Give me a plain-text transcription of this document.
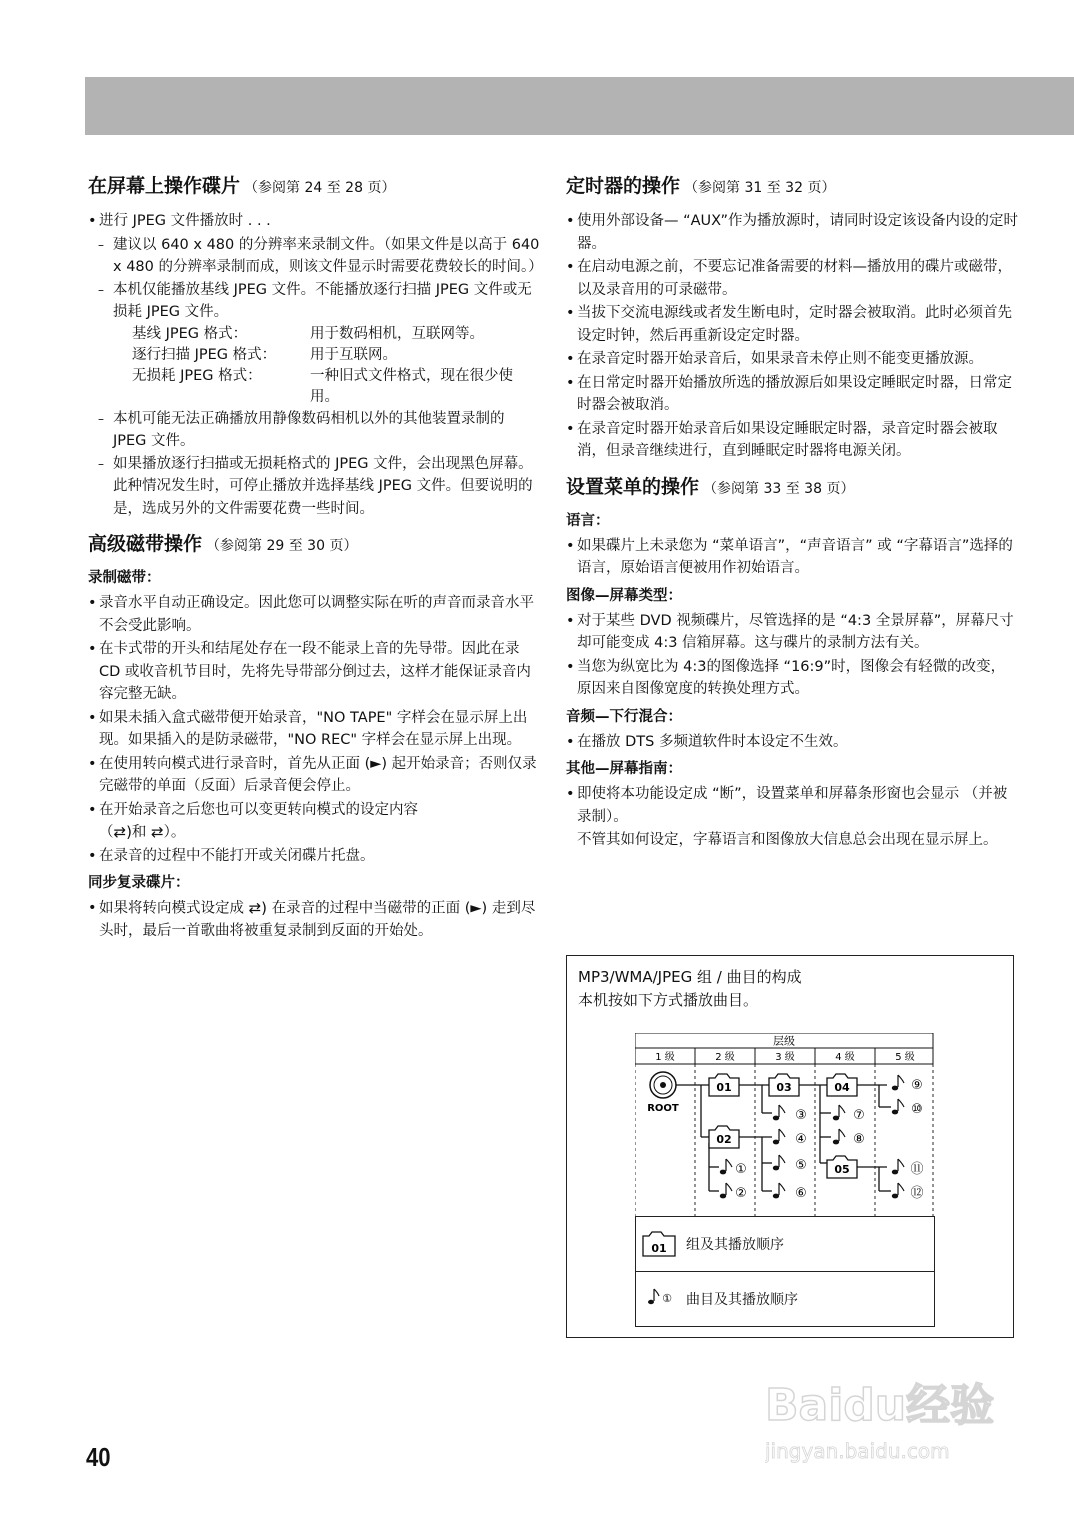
在屏幕上操作碟片 （参阅第 24 至 28 页）

• 进行 JPEG 文件播放时 . . .

– 建议以 640 x 480 的分辨率来录制文件。（如果文件是以高于 640 x 480 的分辨率录制而成，则该文件显示时需要花费较长的时间。）

– 本机仅能播放基线 JPEG 文件。不能播放逐行扫描 JPEG 文件或无损耗 JPEG 文件。

基线 JPEG 格式：	用于数码相机，互联网等。
逐行扫描 JPEG 格式：	用于互联网。
无损耗 JPEG 格式：	一种旧式文件格式，现在很少使用。

– 本机可能无法正确播放用静像数码相机以外的其他装置录制的 JPEG 文件。

– 如果播放逐行扫描或无损耗格式的 JPEG 文件，会出现黑色屏幕。此种情况发生时，可停止播放并选择基线 JPEG 文件。但要说明的是，选成另外的文件需要花费一些时间。

高级磁带操作 （参阅第 29 至 30 页）
录制磁带：

• 录音水平自动正确设定。因此您可以调整实际在听的声音而录音水平不会受此影响。

• 在卡式带的开头和结尾处存在一段不能录上音的先导带。因此在录 CD 或收音机节目时，先将先导带部分倒过去，这样才能保证录音内容完整无缺。

• 如果未插入盒式磁带便开始录音，"NO TAPE" 字样会在显示屏上出现。如果插入的是防录磁带，"NO REC" 字样会在显示屏上出现。

• 在使用转向模式进行录音时，首先从正面 (►) 起开始录音；否则仅录完磁带的单面（反面）后录音便会停止。

• 在开始录音之后您也可以变更转向模式的设定内容
（⇄)和 ⇄）。

• 在录音的过程中不能打开或关闭碟片托盘。

同步复录碟片：

• 如果将转向模式设定成 ⇄) 在录音的过程中当磁带的正面 (►) 走到尽头时，最后一首歌曲将被重复录制到反面的开始处。

定时器的操作 （参阅第 31 至 32 页）

• 使用外部设备— “AUX”作为播放源时，请同时设定该设备内设的定时器。

• 在启动电源之前，不要忘记准备需要的材料—播放用的碟片或磁带，以及录音用的可录磁带。

• 当拔下交流电源线或者发生断电时，定时器会被取消。此时必须首先设定时钟，然后再重新设定定时器。

• 在录音定时器开始录音后，如果录音未停止则不能变更播放源。

• 在日常定时器开始播放所选的播放源后如果设定睡眠定时器，日常定时器会被取消。

• 在录音定时器开始录音后如果设定睡眠定时器，录音定时器会被取消，但录音继续进行，直到睡眠定时器将电源关闭。

设置菜单的操作 （参阅第 33 至 38 页）
语言：

• 如果碟片上未录您为 “菜单语言”，“声音语言” 或 “字幕语言”选择的语言，原始语言便被用作初始语言。

图像—屏幕类型：

• 对于某些 DVD 视频碟片，尽管选择的是 “4:3 全景屏幕”，屏幕尺寸却可能变成 4:3 信箱屏幕。这与碟片的录制方法有关。

• 当您为纵宽比为 4:3的图像选择 “16:9”时，图像会有轻微的改变，原因来自图像宽度的转换处理方式。

音频—下行混合：

• 在播放 DTS 多频道软件时本设定不生效。

其他—屏幕指南：

• 即使将本功能设定成 “断”，设置菜单和屏幕条形窗也会显示 （并被录制）。

不管其如何设定，字幕语言和图像放大信息总会出现在显示屏上。

MP3/WMA/JPEG 组 / 曲目的构成
本机按如下方式播放曲目。
层级
1 级	2 级	3 级	4 级	5 级
ROOT
01
02
03	04
05
①
②
③
④
⑤
⑥
⑦
⑧
⑨
⑩
⑪
⑫
01 组及其播放顺序
① 曲目及其播放顺序
40
Baidu经验
jingyan.baidu.com
